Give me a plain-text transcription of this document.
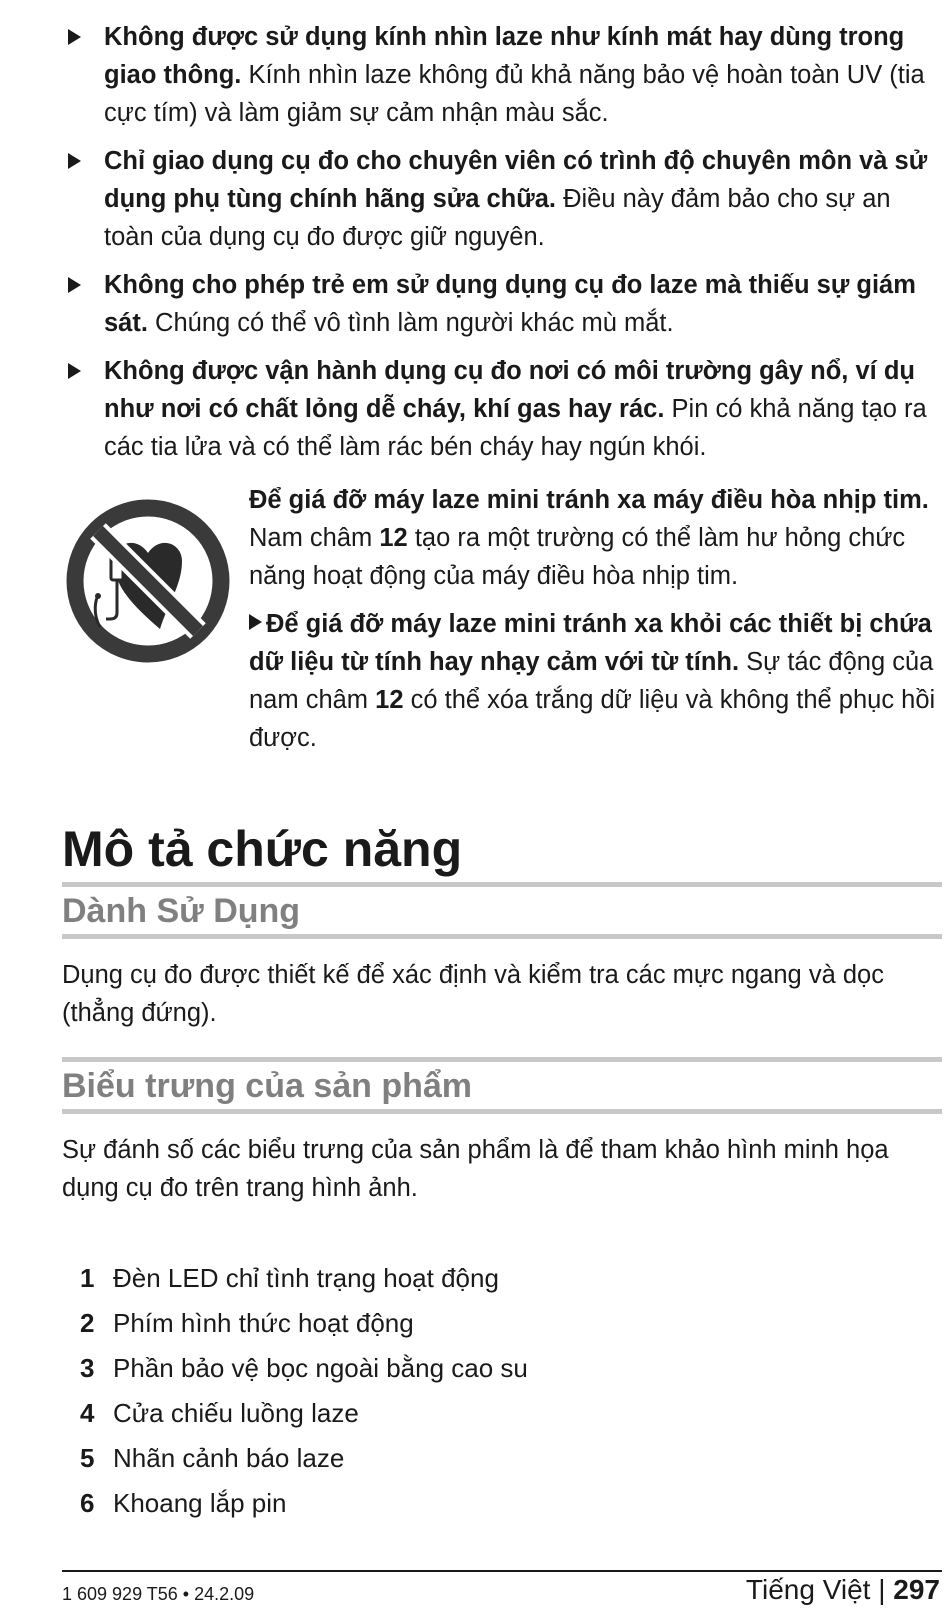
Không được sử dụng kính nhìn laze như kính mát hay dùng trong giao thông. Kính nhìn laze không đủ khả năng bảo vệ hoàn toàn UV (tia cực tím) và làm giảm sự cảm nhận màu sắc.
Chỉ giao dụng cụ đo cho chuyên viên có trình độ chuyên môn và sử dụng phụ tùng chính hãng sửa chữa. Điều này đảm bảo cho sự an toàn của dụng cụ đo được giữ nguyên.
Không cho phép trẻ em sử dụng dụng cụ đo laze mà thiếu sự giám sát. Chúng có thể vô tình làm người khác mù mắt.
Không được vận hành dụng cụ đo nơi có môi trường gây nổ, ví dụ như nơi có chất lỏng dễ cháy, khí gas hay rác. Pin có khả năng tạo ra các tia lửa và có thể làm rác bén cháy hay ngún khói.
Để giá đỡ máy laze mini tránh xa máy điều hòa nhịp tim. Nam châm 12 tạo ra một trường có thể làm hư hỏng chức năng hoạt động của máy điều hòa nhịp tim.
Để giá đỡ máy laze mini tránh xa khỏi các thiết bị chứa dữ liệu từ tính hay nhạy cảm với từ tính. Sự tác động của nam châm 12 có thể xóa trắng dữ liệu và không thể phục hồi được.
Mô tả chức năng
Dành Sử Dụng
Dụng cụ đo được thiết kế để xác định và kiểm tra các mực ngang và dọc (thẳng đứng).
Biểu trưng của sản phẩm
Sự đánh số các biểu trưng của sản phẩm là để tham khảo hình minh họa dụng cụ đo trên trang hình ảnh.
1 Đèn LED chỉ tình trạng hoạt động
2 Phím hình thức hoạt động
3 Phần bảo vệ bọc ngoài bằng cao su
4 Cửa chiếu luồng laze
5 Nhãn cảnh báo laze
6 Khoang lắp pin
1 609 929 T56 • 24.2.09	Tiếng Việt | 297
